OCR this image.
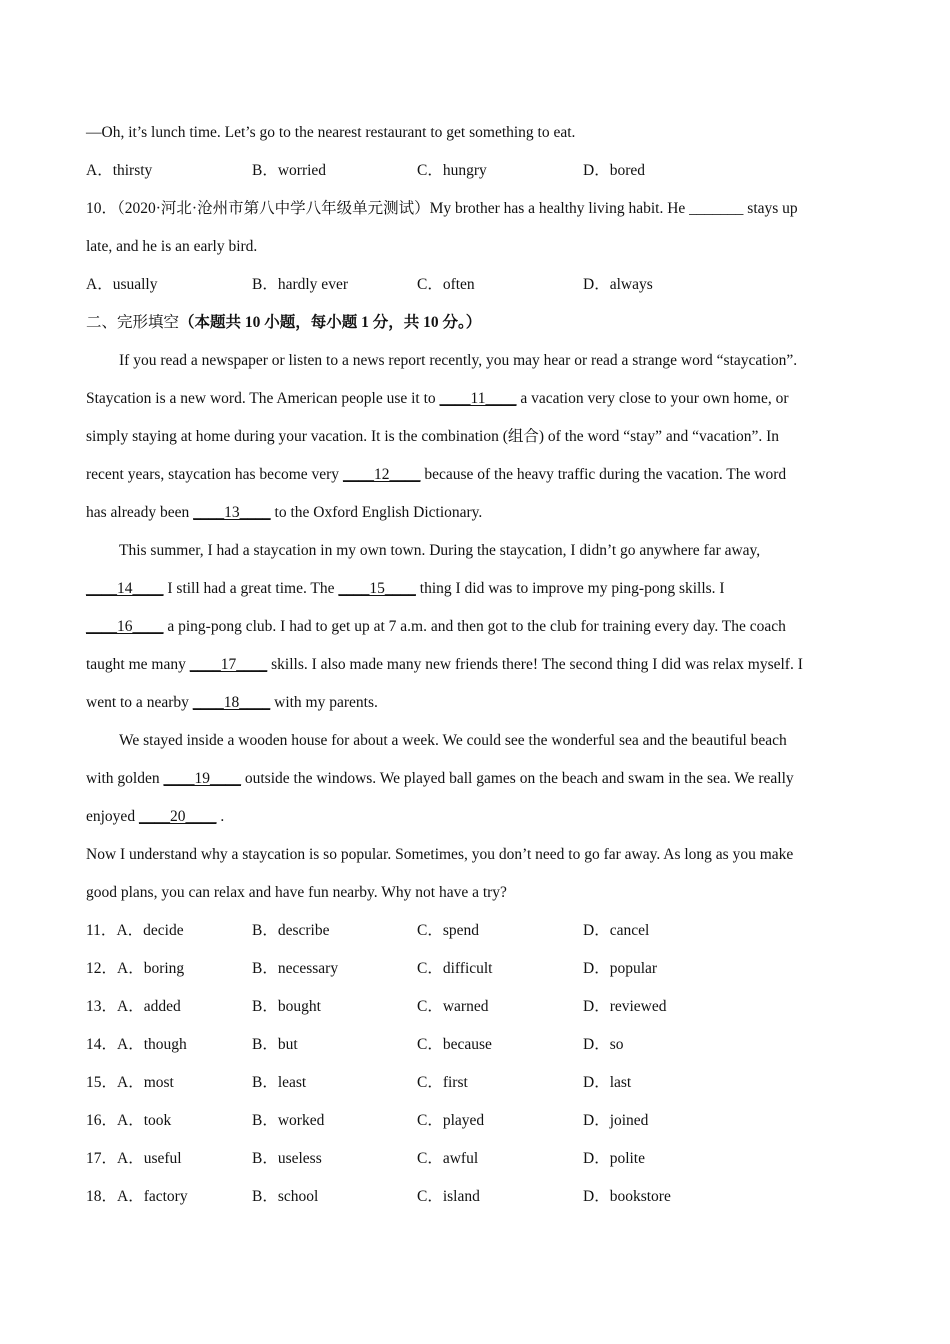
—Oh, it’s lunch time. Let’s go to the nearest restaurant to get something to eat.
A．thirsty	B．worried	C．hungry	D．bored
10．（2020·河北·沧州市第八中学八年级单元测试）My brother has a healthy living habit. He _______ stays up
late, and he is an early bird.
A．usually	B．hardly ever	C．often	D．always
二、完形填空（本题共 10 小题，每小题 1 分，共 10 分。）
If you read a newspaper or listen to a news report recently, you may hear or read a strange word “staycation”.
Staycation is a new word. The American people use it to ____11____ a vacation very close to your own home, or
simply staying at home during your vacation. It is the combination (组合) of the word “stay” and “vacation”. In
recent years, staycation has become very ____12____ because of the heavy traffic during the vacation. The word
has already been ____13____ to the Oxford English Dictionary.
This summer, I had a staycation in my own town. During the staycation, I didn’t go anywhere far away,
____14____ I still had a great time. The ____15____ thing I did was to improve my ping-pong skills. I
____16____ a ping-pong club. I had to get up at 7 a.m. and then got to the club for training every day. The coach
taught me many ____17____ skills. I also made many new friends there! The second thing I did was relax myself. I
went to a nearby ____18____ with my parents.
We stayed inside a wooden house for about a week. We could see the wonderful sea and the beautiful beach
with golden ____19____ outside the windows. We played ball games on the beach and swam in the sea. We really
enjoyed ____20____ .
Now I understand why a staycation is so popular. Sometimes, you don’t need to go far away. As long as you make
good plans, you can relax and have fun nearby. Why not have a try?
11．A．decide	B．describe	C．spend	D．cancel
12．A．boring	B．necessary	C．difficult	D．popular
13．A．added	B．bought	C．warned	D．reviewed
14．A．though	B．but	C．because	D．so
15．A．most	B．least	C．first	D．last
16．A．took	B．worked	C．played	D．joined
17．A．useful	B．useless	C．awful	D．polite
18．A．factory	B．school	C．island	D．bookstore
